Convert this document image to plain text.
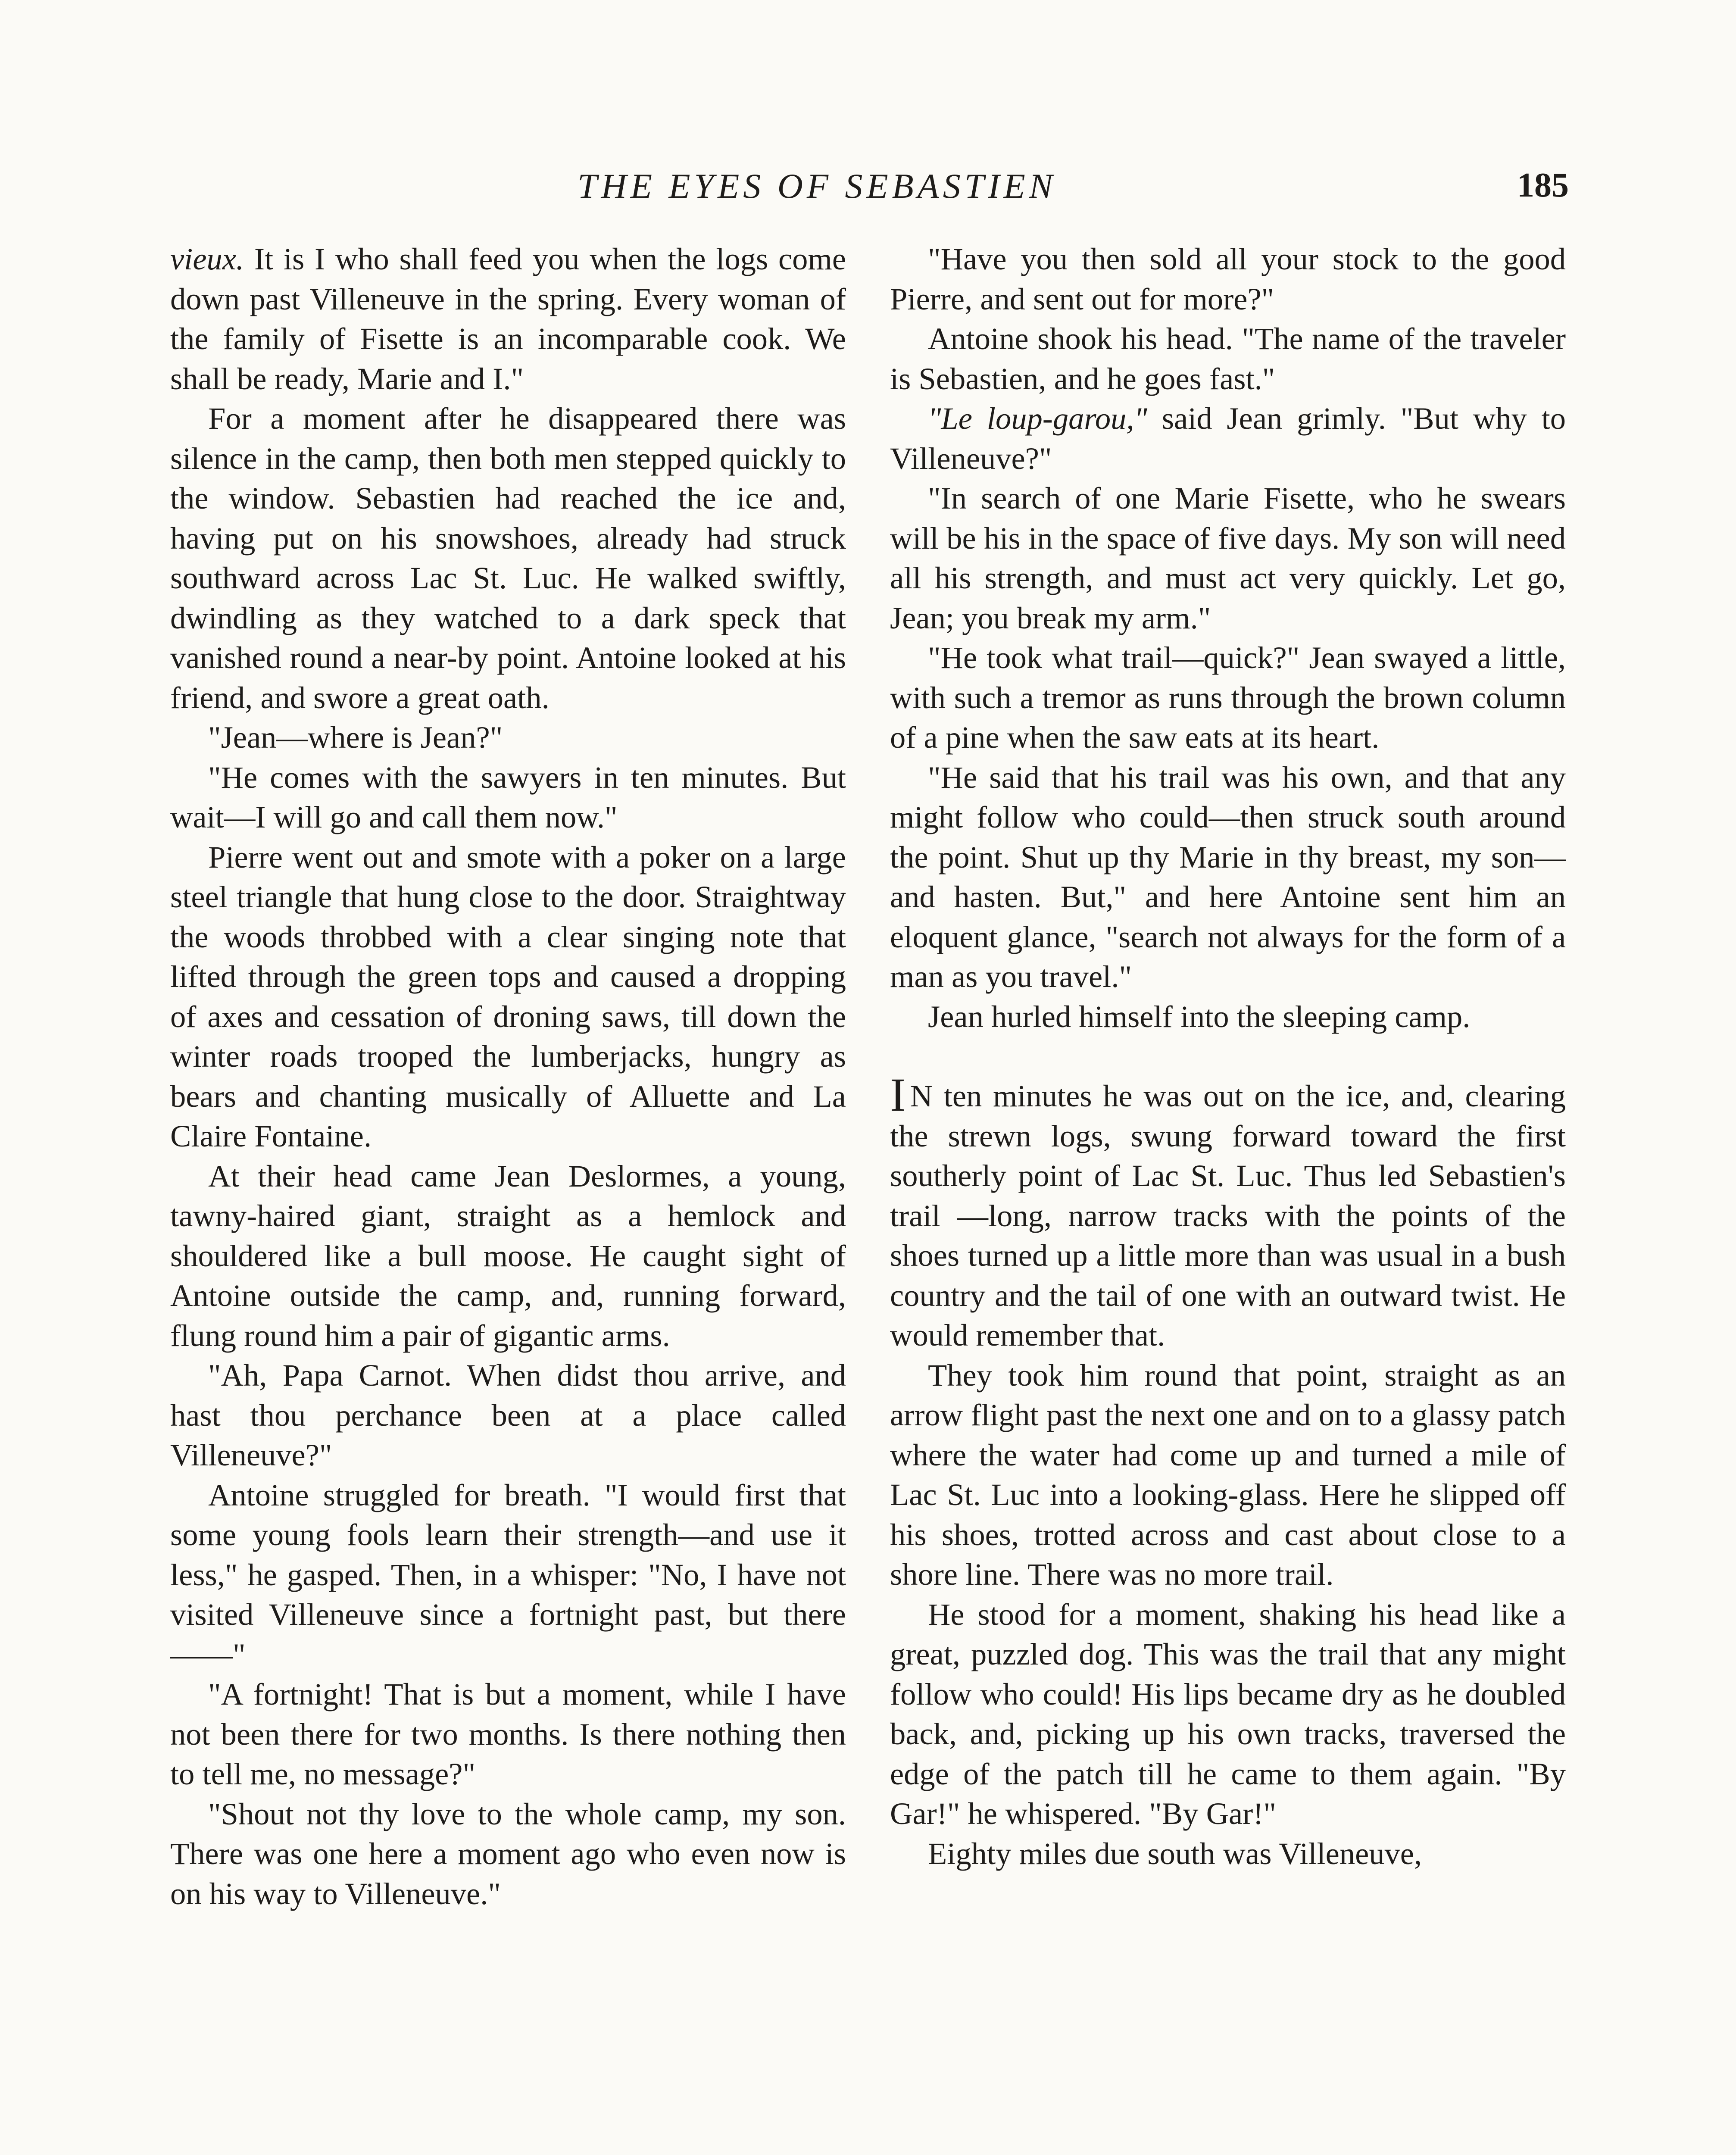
THE EYES OF SEBASTIEN	185

vieux. It is I who shall feed you when the logs come down past Villeneuve in the spring. Every woman of the family of Fisette is an incomparable cook. We shall be ready, Marie and I."

For a moment after he disappeared there was silence in the camp, then both men stepped quickly to the window. Sebastien had reached the ice and, having put on his snowshoes, already had struck southward across Lac St. Luc. He walked swiftly, dwindling as they watched to a dark speck that vanished round a near-by point. Antoine looked at his friend, and swore a great oath.

"Jean—where is Jean?"

"He comes with the sawyers in ten minutes. But wait—I will go and call them now."

Pierre went out and smote with a poker on a large steel triangle that hung close to the door. Straightway the woods throbbed with a clear singing note that lifted through the green tops and caused a dropping of axes and cessation of droning saws, till down the winter roads trooped the lumberjacks, hungry as bears and chanting musically of Alluette and La Claire Fontaine.

At their head came Jean Deslormes, a young, tawny-haired giant, straight as a hemlock and shouldered like a bull moose. He caught sight of Antoine outside the camp, and, running forward, flung round him a pair of gigantic arms.

"Ah, Papa Carnot. When didst thou arrive, and hast thou perchance been at a place called Villeneuve?"

Antoine struggled for breath. "I would first that some young fools learn their strength—and use it less," he gasped. Then, in a whisper: "No, I have not visited Villeneuve since a fortnight past, but there——"

"A fortnight! That is but a moment, while I have not been there for two months. Is there nothing then to tell me, no message?"

"Shout not thy love to the whole camp, my son. There was one here a moment ago who even now is on his way to Villeneuve."

"Have you then sold all your stock to the good Pierre, and sent out for more?"

Antoine shook his head. "The name of the traveler is Sebastien, and he goes fast."

"Le loup-garou," said Jean grimly. "But why to Villeneuve?"

"In search of one Marie Fisette, who he swears will be his in the space of five days. My son will need all his strength, and must act very quickly. Let go, Jean; you break my arm."

"He took what trail—quick?" Jean swayed a little, with such a tremor as runs through the brown column of a pine when the saw eats at its heart.

"He said that his trail was his own, and that any might follow who could—then struck south around the point. Shut up thy Marie in thy breast, my son—and hasten. But," and here Antoine sent him an eloquent glance, "search not always for the form of a man as you travel."

Jean hurled himself into the sleeping camp.

I N ten minutes he was out on the ice, and, clearing the strewn logs, swung forward toward the first southerly point of Lac St. Luc. Thus led Sebastien's trail —long, narrow tracks with the points of the shoes turned up a little more than was usual in a bush country and the tail of one with an outward twist. He would remember that.

They took him round that point, straight as an arrow flight past the next one and on to a glassy patch where the water had come up and turned a mile of Lac St. Luc into a looking-glass. Here he slipped off his shoes, trotted across and cast about close to a shore line. There was no more trail.

He stood for a moment, shaking his head like a great, puzzled dog. This was the trail that any might follow who could! His lips became dry as he doubled back, and, picking up his own tracks, traversed the edge of the patch till he came to them again. "By Gar!" he whispered. "By Gar!"

Eighty miles due south was Villeneuve,
